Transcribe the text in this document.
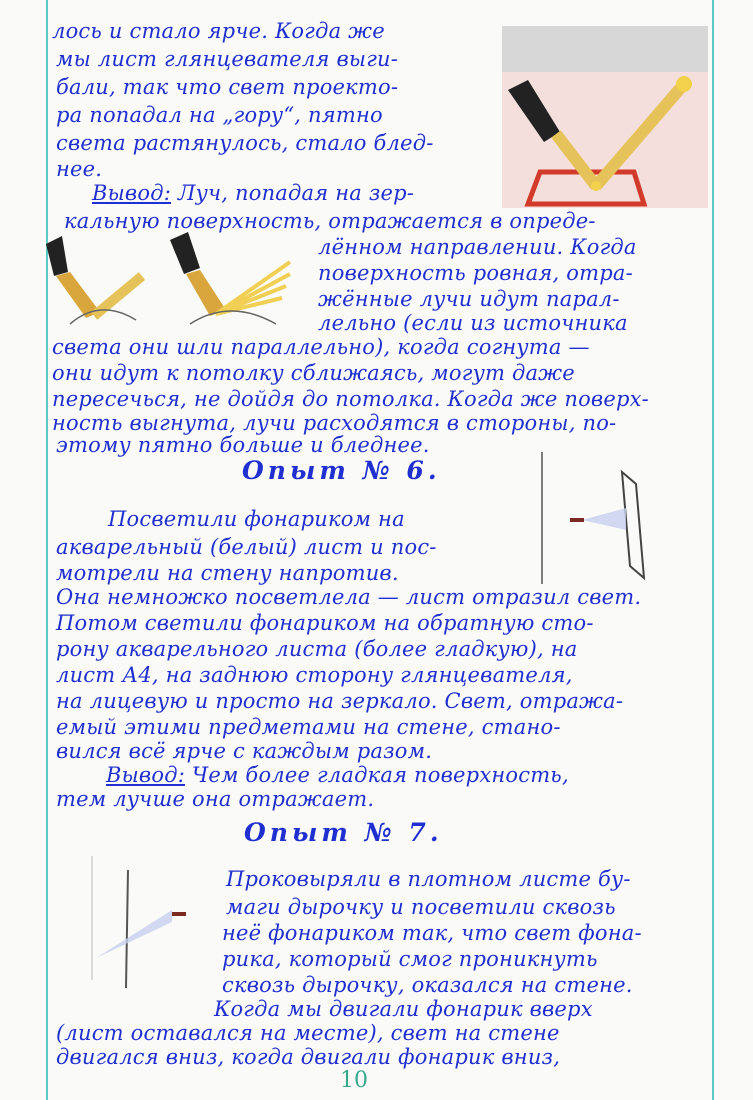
лось и стало ярче. Когда же
мы лист глянцевателя выги-
бали, так что свет проекто-
ра попадал на „гору“, пятно
света растянулось, стало блед-
нее.
Вывод: Луч, попадая на зер-
кальную поверхность, отражается в опреде-
лённом направлении. Когда
поверхность ровная, отра-
жённые лучи идут парал-
лельно (если из источника
света они шли параллельно), когда согнута —
они идут к потолку сближаясь, могут даже
пересечься, не дойдя до потолка. Когда же поверх-
ность выгнута, лучи расходятся в стороны, по-
этому пятно больше и бледнее.
Опыт № 6.
Посветили фонариком на
акварельный (белый) лист и пос-
мотрели на стену напротив.
Она немножко посветлела — лист отразил свет.
Потом светили фонариком на обратную сто-
рону акварельного листа (более гладкую), на
лист А4, на заднюю сторону глянцевателя,
на лицевую и просто на зеркало. Свет, отража-
емый этими предметами на стене, стано-
вился всё ярче с каждым разом.
Вывод: Чем более гладкая поверхность,
тем лучше она отражает.
Опыт № 7.
Проковыряли в плотном листе бу-
маги дырочку и посветили сквозь
неё фонариком так, что свет фона-
рика, который смог проникнуть
сквозь дырочку, оказался на стене.
Когда мы двигали фонарик вверх
(лист оставался на месте), свет на стене
двигался вниз, когда двигали фонарик вниз,
10
